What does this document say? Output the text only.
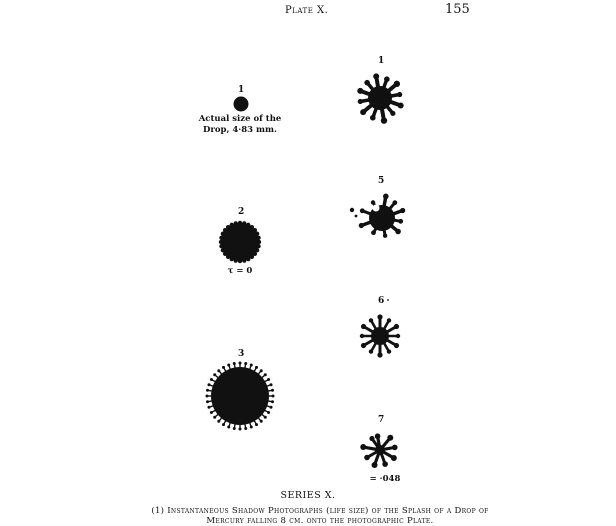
Plate X.	155
1
Actual size of the
Drop, 4·83 mm.
2
τ = 0
3
1
5
6
7
= ·048
SERIES X.
(1) Instantaneous Shadow Photographs (life size) of the Splash of a Drop of
Mercury falling 8 cm. onto the photographic Plate.
